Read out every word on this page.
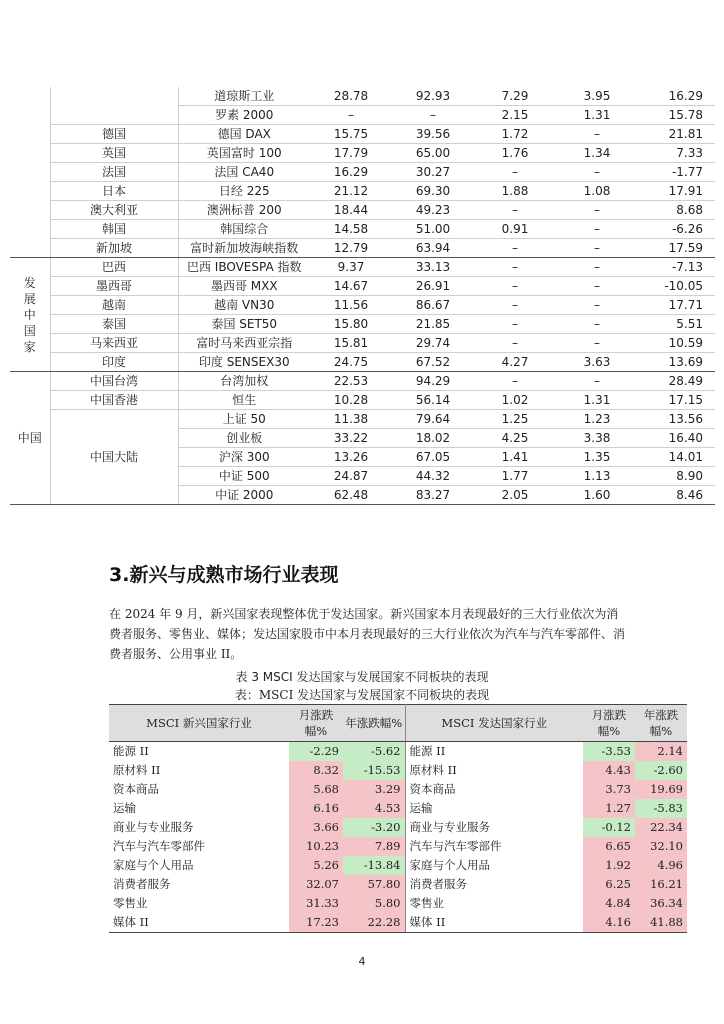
		道琼斯工业	28.78	92.93	7.29	3.95	16.29
		罗素 2000	–	–	2.15	1.31	15.78
	德国	德国 DAX	15.75	39.56	1.72	–	21.81
	英国	英国富时 100	17.79	65.00	1.76	1.34	7.33
	法国	法国 CA40	16.29	30.27	–	–	-1.77
	日本	日经 225	21.12	69.30	1.88	1.08	17.91
	澳大利亚	澳洲标普 200	18.44	49.23	–	–	8.68
	韩国	韩国综合	14.58	51.00	0.91	–	-6.26
	新加坡	富时新加坡海峡指数	12.79	63.94	–	–	17.59
发展中国家	巴西	巴西 IBOVESPA 指数	9.37	33.13	–	–	-7.13
	墨西哥	墨西哥 MXX	14.67	26.91	–	–	-10.05
	越南	越南 VN30	11.56	86.67	–	–	17.71
	泰国	泰国 SET50	15.80	21.85	–	–	5.51
	马来西亚	富时马来西亚宗指	15.81	29.74	–	–	10.59
	印度	印度 SENSEX30	24.75	67.52	4.27	3.63	13.69
中国	中国台湾	台湾加权	22.53	94.29	–	–	28.49
	中国香港	恒生	10.28	56.14	1.02	1.31	17.15
	中国大陆	上证 50	11.38	79.64	1.25	1.23	13.56
		创业板	33.22	18.02	4.25	3.38	16.40
		沪深 300	13.26	67.05	1.41	1.35	14.01
		中证 500	24.87	44.32	1.77	1.13	8.90
		中证 2000	62.48	83.27	2.05	1.60	8.46
3.新兴与成熟市场行业表现

在 2024 年 9 月，新兴国家表现整体优于发达国家。新兴国家本月表现最好的三大行业依次为消费者服务、零售业、媒体；发达国家股市中本月表现最好的三大行业依次为汽车与汽车零部件、消费者服务、公用事业 II。

表 3 MSCI 发达国家与发展国家不同板块的表现
表：MSCI 发达国家与发展国家不同板块的表现
MSCI 新兴国家行业	月涨跌幅%	年涨跌幅%	MSCI 发达国家行业	月涨跌幅%	年涨跌幅%
能源 II	-2.29	-5.62	能源 II	-3.53	2.14
原材料 II	8.32	-15.53	原材料 II	4.43	-2.60
资本商品	5.68	3.29	资本商品	3.73	19.69
运输	6.16	4.53	运输	1.27	-5.83
商业与专业服务	3.66	-3.20	商业与专业服务	-0.12	22.34
汽车与汽车零部件	10.23	7.89	汽车与汽车零部件	6.65	32.10
家庭与个人用品	5.26	-13.84	家庭与个人用品	1.92	4.96
消费者服务	32.07	57.80	消费者服务	6.25	16.21
零售业	31.33	5.80	零售业	4.84	36.34
媒体 II	17.23	22.28	媒体 II	4.16	41.88
4
